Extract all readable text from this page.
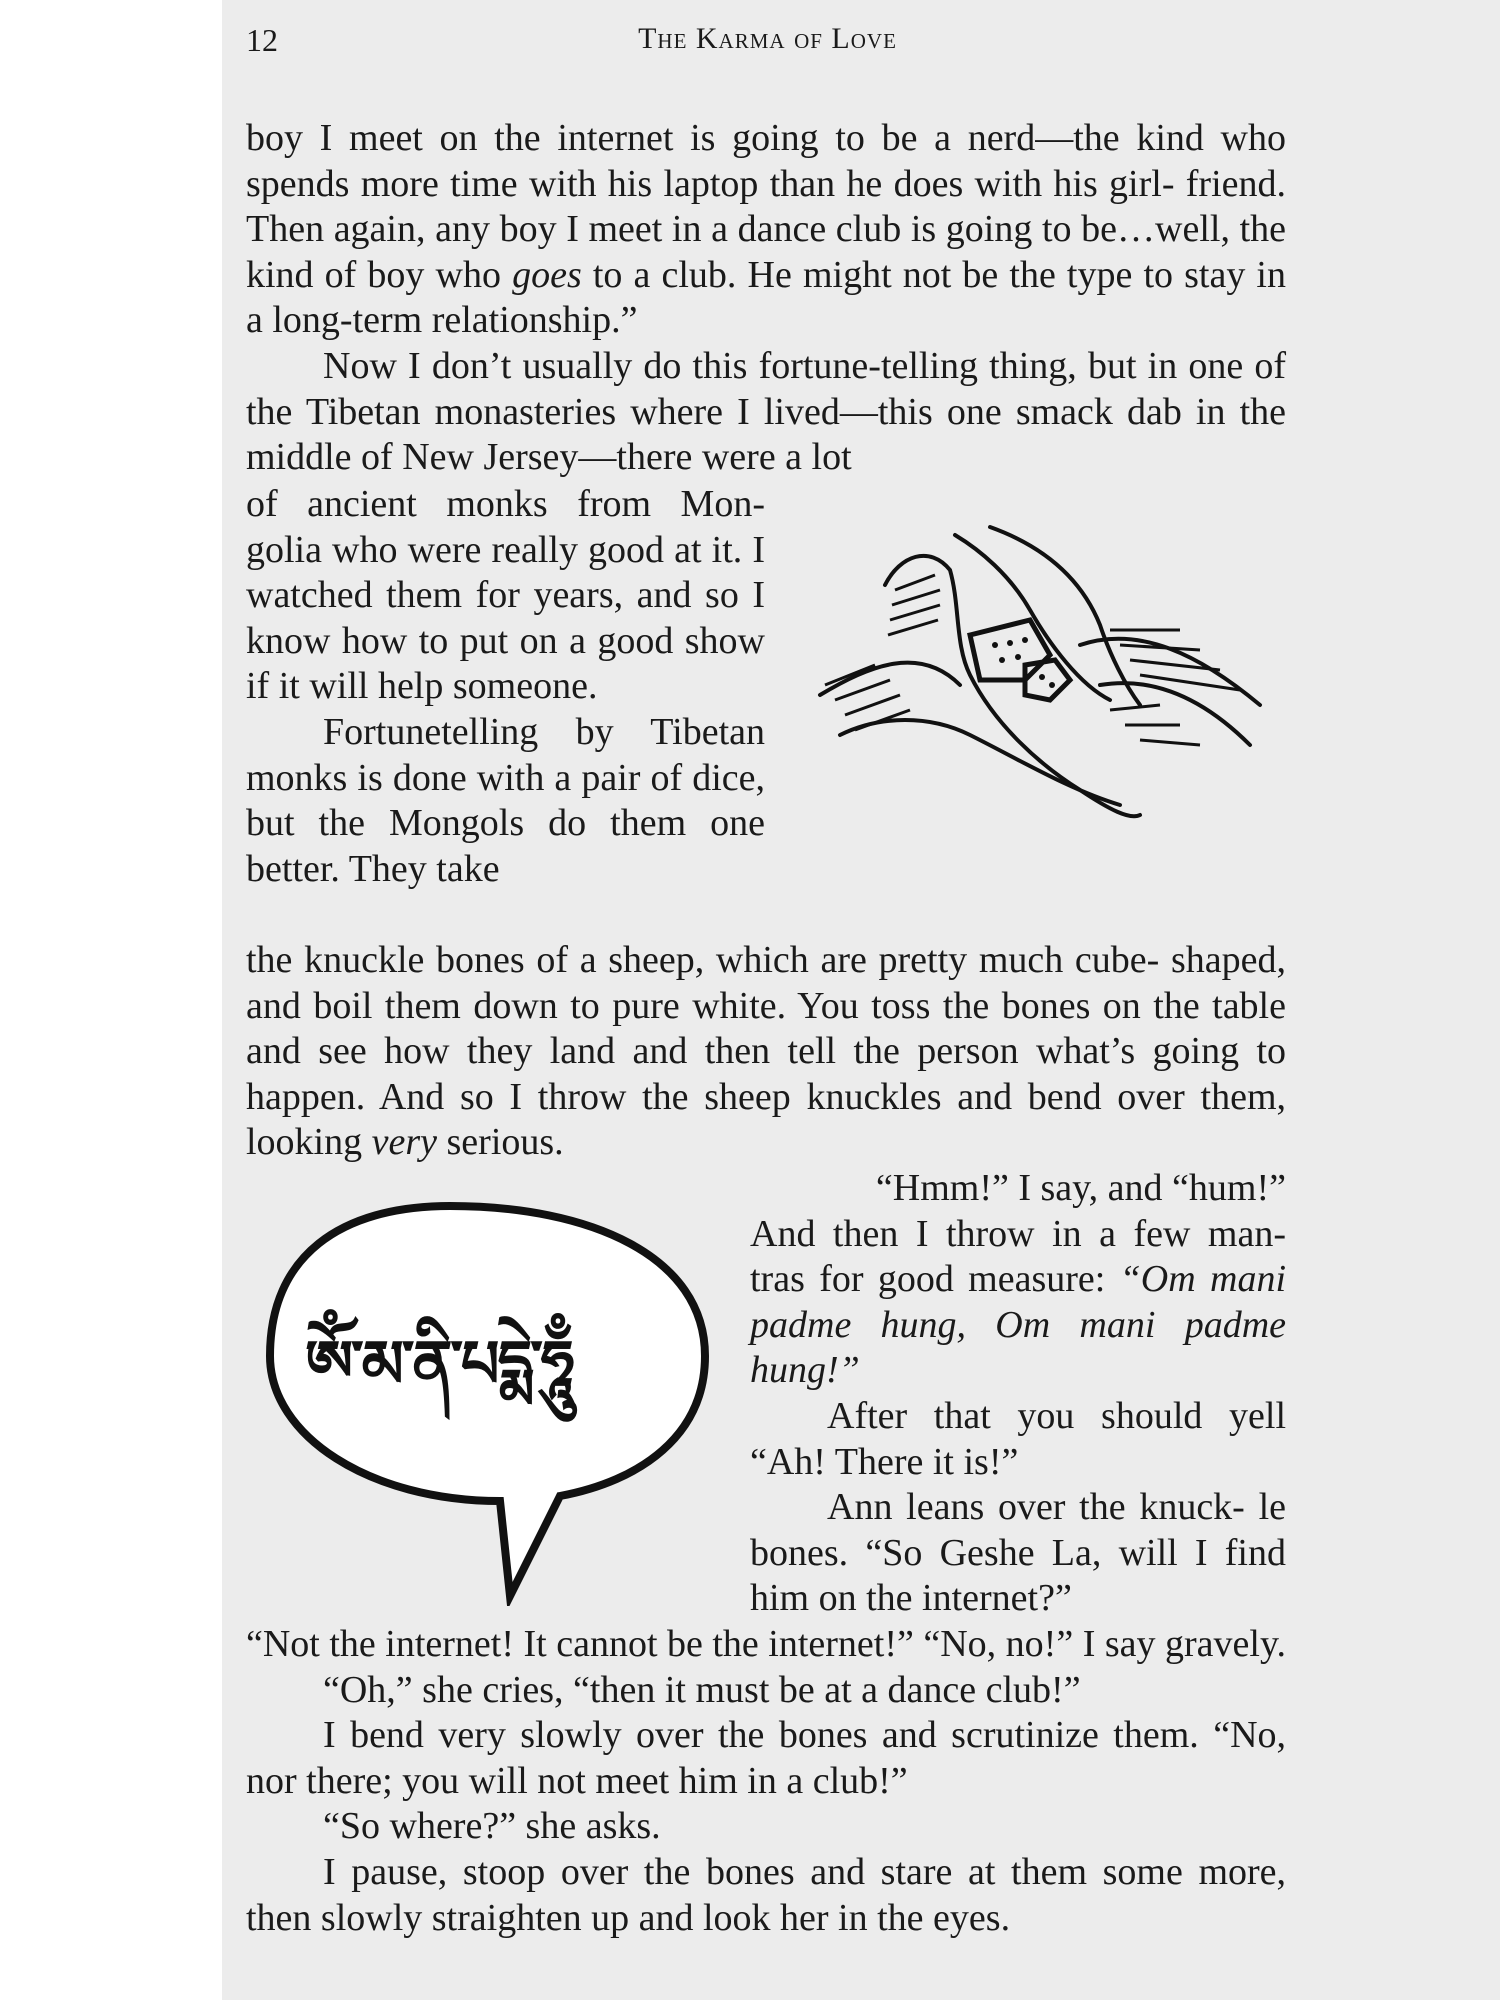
12	The Karma of Love

boy I meet on the internet is going to be a nerd—the kind who spends more time with his laptop than he does with his girl- friend. Then again, any boy I meet in a dance club is going to be…well, the kind of boy who goes to a club. He might not be the type to stay in a long-term relationship.”

Now I don’t usually do this fortune-telling thing, but in one of the Tibetan monasteries where I lived—this one smack dab in the middle of New Jersey—there were a lot

of ancient monks from Mon- golia who were really good at it. I watched them for years, and so I know how to put on a good show if it will help someone.

Fortunetelling by Tibetan monks is done with a pair of dice, but the Mongols do them one better. They take

the knuckle bones of a sheep, which are pretty much cube- shaped, and boil them down to pure white. You toss the bones on the table and see how they land and then tell the person what’s going to happen. And so I throw the sheep knuckles and bend over them, looking very serious.

ཨོཾ་མ་ནི་པདྨེ་ཧཱུྃ

“Hmm!” I say, and “hum!”

And then I throw in a few man- tras for good measure: “Om mani padme hung, Om mani padme hung!”

After that you should yell “Ah! There it is!”

Ann leans over the knuck- le bones. “So Geshe La, will I find him on the internet?”

“No, no!” I say gravely.

“Not the internet! It cannot be the internet!”

“Oh,” she cries, “then it must be at a dance club!”

I bend very slowly over the bones and scrutinize them. “No, nor there; you will not meet him in a club!”

“So where?” she asks.

I pause, stoop over the bones and stare at them some more, then slowly straighten up and look her in the eyes.
